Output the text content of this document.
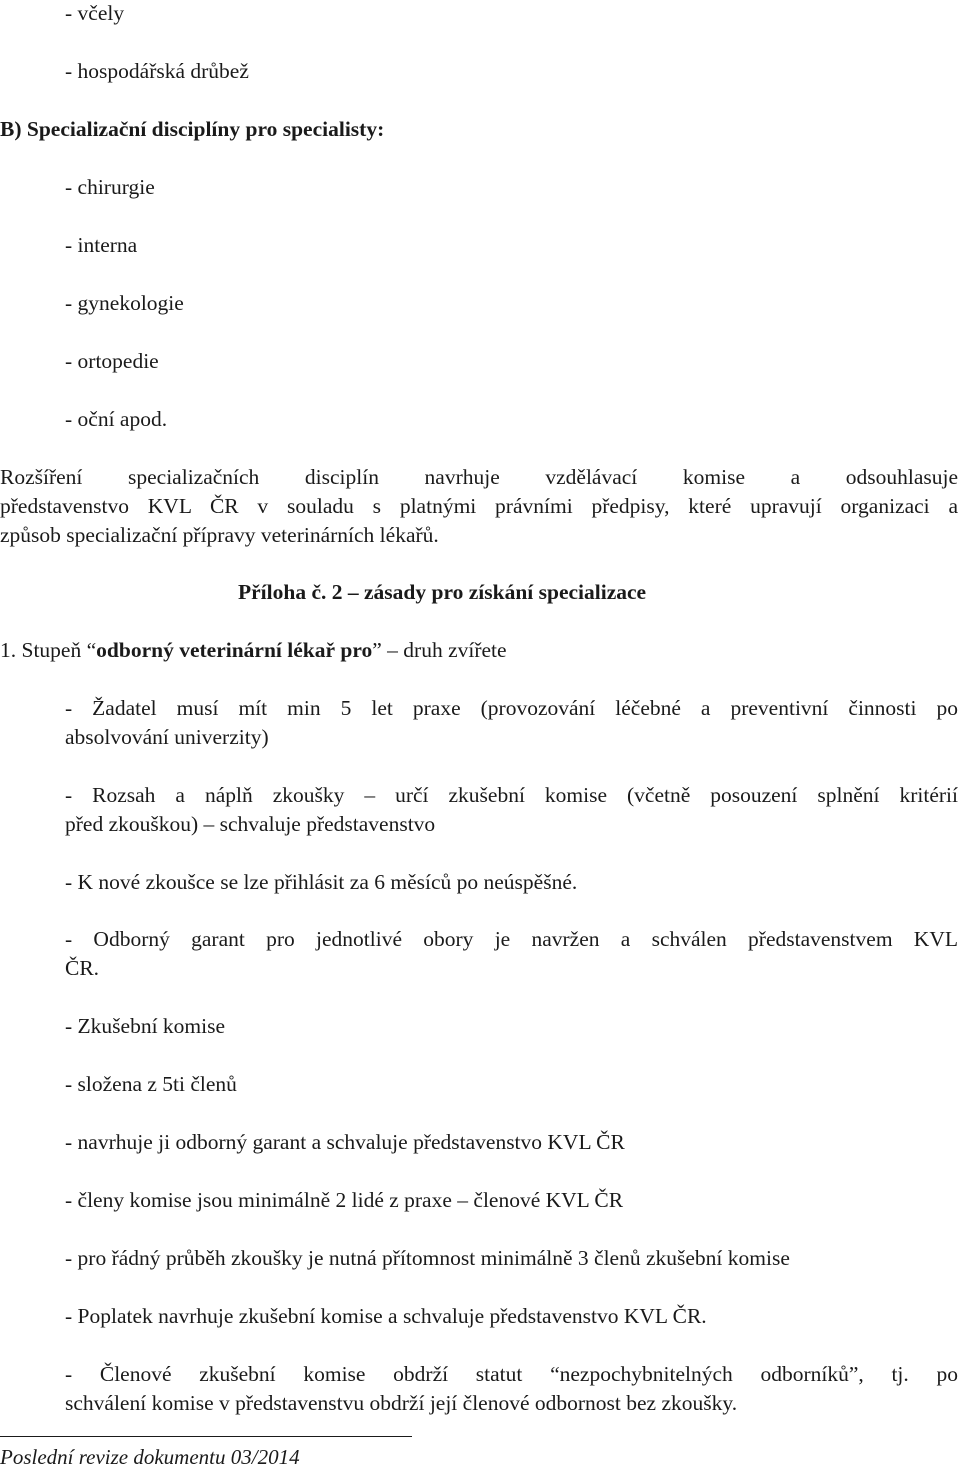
- včely
- hospodářská drůbež
B) Specializační disciplíny pro specialisty:
- chirurgie
- interna
- gynekologie
- ortopedie
- oční apod.
Rozšíření specializačních disciplín navrhuje vzdělávací komise a odsouhlasuje
představenstvo KVL ČR v souladu s platnými právními předpisy, které upravují organizaci a
způsob specializační přípravy veterinárních lékařů.
Příloha č. 2 – zásady pro získání specializace
1. Stupeň “odborný veterinární lékař pro” – druh zvířete
- Žadatel musí mít min 5 let praxe (provozování léčebné a preventivní činnosti po
absolvování univerzity)
- Rozsah a náplň zkoušky – určí zkušební komise (včetně posouzení splnění kritérií
před zkouškou) – schvaluje představenstvo
- K nové zkoušce se lze přihlásit za 6 měsíců po neúspěšné.
- Odborný garant pro jednotlivé obory je navržen a schválen představenstvem KVL
ČR.
- Zkušební komise
- složena z 5ti členů
- navrhuje ji odborný garant a schvaluje představenstvo KVL ČR
- členy komise jsou minimálně 2 lidé z praxe – členové KVL ČR
- pro řádný průběh zkoušky je nutná přítomnost minimálně 3 členů zkušební komise
- Poplatek navrhuje zkušební komise a schvaluje představenstvo KVL ČR.
- Členové zkušební komise obdrží statut “nezpochybnitelných odborníků”, tj. po
schválení komise v představenstvu obdrží její členové odbornost bez zkoušky.
Poslední revize dokumentu 03/2014
